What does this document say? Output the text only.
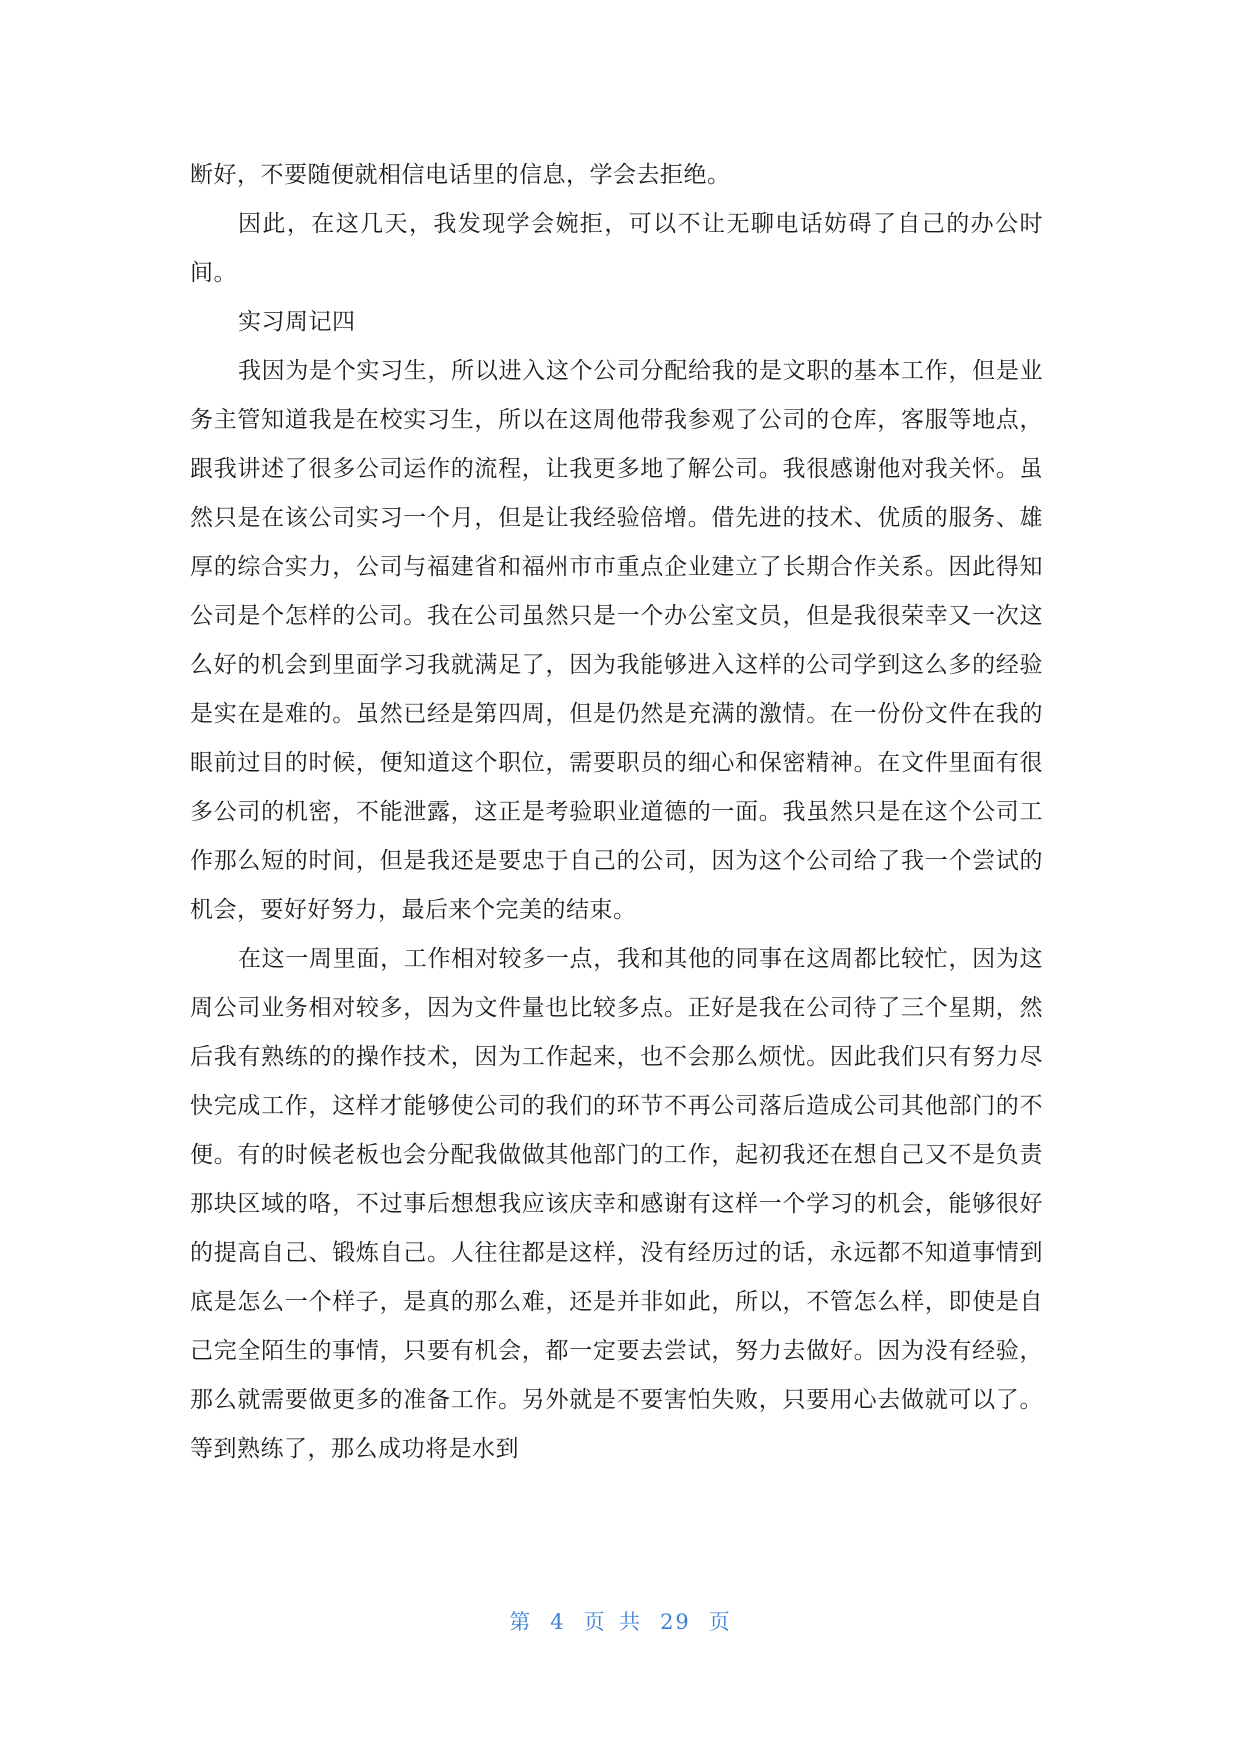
断好，不要随便就相信电话里的信息，学会去拒绝。

因此，在这几天，我发现学会婉拒，可以不让无聊电话妨碍了自己的办公时间。

实习周记四

我因为是个实习生，所以进入这个公司分配给我的是文职的基本工作，但是业务主管知道我是在校实习生，所以在这周他带我参观了公司的仓库，客服等地点，跟我讲述了很多公司运作的流程，让我更多地了解公司。我很感谢他对我关怀。虽然只是在该公司实习一个月，但是让我经验倍增。借先进的技术、优质的服务、雄厚的综合实力，公司与福建省和福州市市重点企业建立了长期合作关系。因此得知公司是个怎样的公司。我在公司虽然只是一个办公室文员，但是我很荣幸又一次这么好的机会到里面学习我就满足了，因为我能够进入这样的公司学到这么多的经验是实在是难的。虽然已经是第四周，但是仍然是充满的激情。在一份份文件在我的眼前过目的时候，便知道这个职位，需要职员的细心和保密精神。在文件里面有很多公司的机密，不能泄露，这正是考验职业道德的一面。我虽然只是在这个公司工作那么短的时间，但是我还是要忠于自己的公司，因为这个公司给了我一个尝试的机会，要好好努力，最后来个完美的结束。

在这一周里面，工作相对较多一点，我和其他的同事在这周都比较忙，因为这周公司业务相对较多，因为文件量也比较多点。正好是我在公司待了三个星期，然后我有熟练的的操作技术，因为工作起来，也不会那么烦忧。因此我们只有努力尽快完成工作，这样才能够使公司的我们的环节不再公司落后造成公司其他部门的不便。有的时候老板也会分配我做做其他部门的工作，起初我还在想自己又不是负责那块区域的咯，不过事后想想我应该庆幸和感谢有这样一个学习的机会，能够很好的提高自己、锻炼自己。人往往都是这样，没有经历过的话，永远都不知道事情到底是怎么一个样子，是真的那么难，还是并非如此，所以，不管怎么样，即使是自己完全陌生的事情，只要有机会，都一定要去尝试，努力去做好。因为没有经验，那么就需要做更多的准备工作。另外就是不要害怕失败，只要用心去做就可以了。等到熟练了，那么成功将是水到

第 4 页 共 29 页
